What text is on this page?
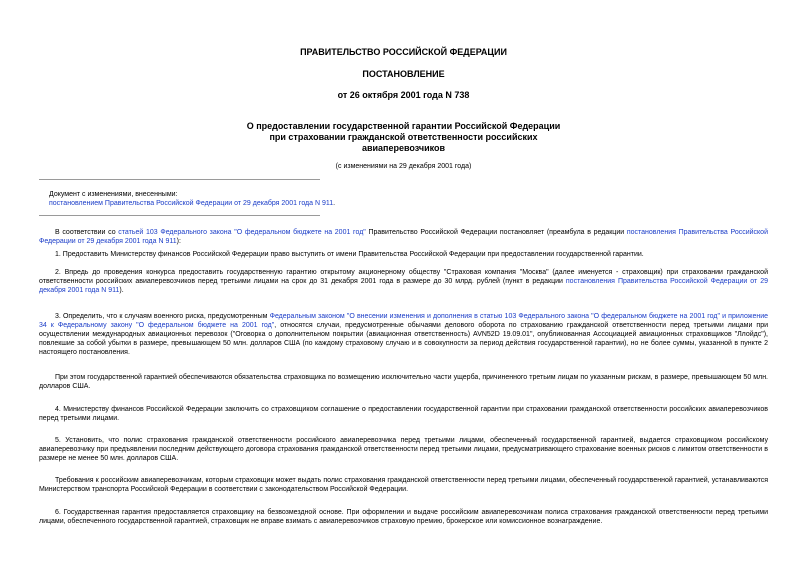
ПРАВИТЕЛЬСТВО РОССИЙСКОЙ ФЕДЕРАЦИИ
ПОСТАНОВЛЕНИЕ
от 26 октября 2001 года N 738
О предоставлении государственной гарантии Российской Федерации
при страховании гражданской ответственности российских
авиаперевозчиков
(с изменениями на 29 декабря 2001 года)
Документ с изменениями, внесенными:
постановлением Правительства Российской Федерации от 29 декабря 2001 года N 911.

В соответствии со статьей 103 Федерального закона "О федеральном бюджете на 2001 год" Правительство Российской Федерации постановляет (преамбула в редакции постановления Правительства Российской Федерации от 29 декабря 2001 года N 911):

1. Предоставить Министерству финансов Российской Федерации право выступить от имени Правительства Российской Федерации при предоставлении государственной гарантии.

2. Впредь до проведения конкурса предоставить государственную гарантию открытому акционерному обществу "Страховая компания "Москва" (далее именуется - страховщик) при страховании гражданской ответственности российских авиаперевозчиков перед третьими лицами на срок до 31 декабря 2001 года в размере до 30 млрд. рублей (пункт в редакции постановления Правительства Российской Федерации от 29 декабря 2001 года N 911).

3. Определить, что к случаям военного риска, предусмотренным Федеральным законом "О внесении изменения и дополнения в статью 103 Федерального закона "О федеральном бюджете на 2001 год" и приложение 34 к Федеральному закону "О федеральном бюджете на 2001 год", относятся случаи, предусмотренные обычаями делового оборота по страхованию гражданской ответственности перед третьими лицами при осуществлении международных авиационных перевозок ("Оговорка о дополнительном покрытии (авиационная ответственность) AVN52D 19.09.01", опубликованная Ассоциацией авиационных страховщиков "Ллойдс"), повлекшие за собой убытки в размере, превышающем 50 млн. долларов США (по каждому страховому случаю и в совокупности за период действия государственной гарантии), но не более суммы, указанной в пункте 2 настоящего постановления.

При этом государственной гарантией обеспечиваются обязательства страховщика по возмещению исключительно части ущерба, причиненного третьим лицам по указанным рискам, в размере, превышающем 50 млн. долларов США.

4. Министерству финансов Российской Федерации заключить со страховщиком соглашение о предоставлении государственной гарантии при страховании гражданской ответственности российских авиаперевозчиков перед третьими лицами.

5. Установить, что полис страхования гражданской ответственности российского авиаперевозчика перед третьими лицами, обеспеченный государственной гарантией, выдается страховщиком российскому авиаперевозчику при предъявлении последним действующего договора страхования гражданской ответственности перед третьими лицами, предусматривающего страхование военных рисков с лимитом ответственности в размере не менее 50 млн. долларов США.

Требования к российским авиаперевозчикам, которым страховщик может выдать полис страхования гражданской ответственности перед третьими лицами, обеспеченный государственной гарантией, устанавливаются Министерством транспорта Российской Федерации в соответствии с законодательством Российской Федерации.

6. Государственная гарантия предоставляется страховщику на безвозмездной основе. При оформлении и выдаче российским авиаперевозчикам полиса страхования гражданской ответственности перед третьими лицами, обеспеченного государственной гарантией, страховщик не вправе взимать с авиаперевозчиков страховую премию, брокерское или комиссионное вознаграждение.
